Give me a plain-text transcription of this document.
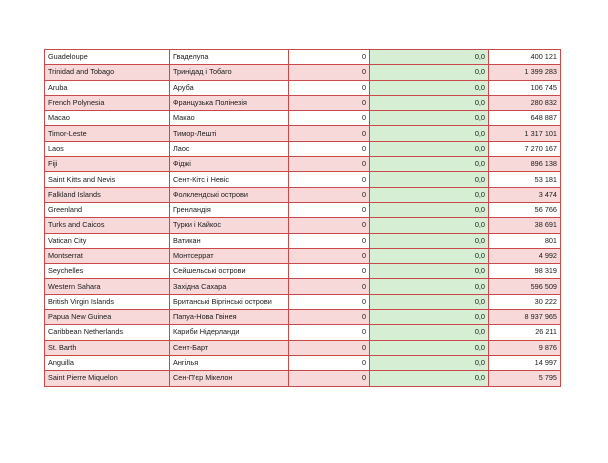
Guadeloupe	Гваделупа	0	0,0	400 121
Trinidad and Tobago	Тринідад і Тобаго	0	0,0	1 399 283
Aruba	Аруба	0	0,0	106 745
French Polynesia	Французька Полінезія	0	0,0	280 832
Macao	Макао	0	0,0	648 887
Timor-Leste	Тимор-Лешті	0	0,0	1 317 101
Laos	Лаос	0	0,0	7 270 167
Fiji	Фіджі	0	0,0	896 138
Saint Kitts and Nevis	Сент-Кітс і Невіс	0	0,0	53 181
Falkland Islands	Фолклендські острови	0	0,0	3 474
Greenland	Гренландія	0	0,0	56 766
Turks and Caicos	Турки і Кайкос	0	0,0	38 691
Vatican City	Ватикан	0	0,0	801
Montserrat	Монтсеррат	0	0,0	4 992
Seychelles	Сейшельські острови	0	0,0	98 319
Western Sahara	Західна Сахара	0	0,0	596 509
British Virgin Islands	Британські Віргінські острови	0	0,0	30 222
Papua New Guinea	Папуа-Нова Гвінея	0	0,0	8 937 965
Caribbean Netherlands	Кариби Нідерланди	0	0,0	26 211
St. Barth	Сент-Барт	0	0,0	9 876
Anguilla	Ангілья	0	0,0	14 997
Saint Pierre Miquelon	Сен-П'єр Мікелон	0	0,0	5 795
